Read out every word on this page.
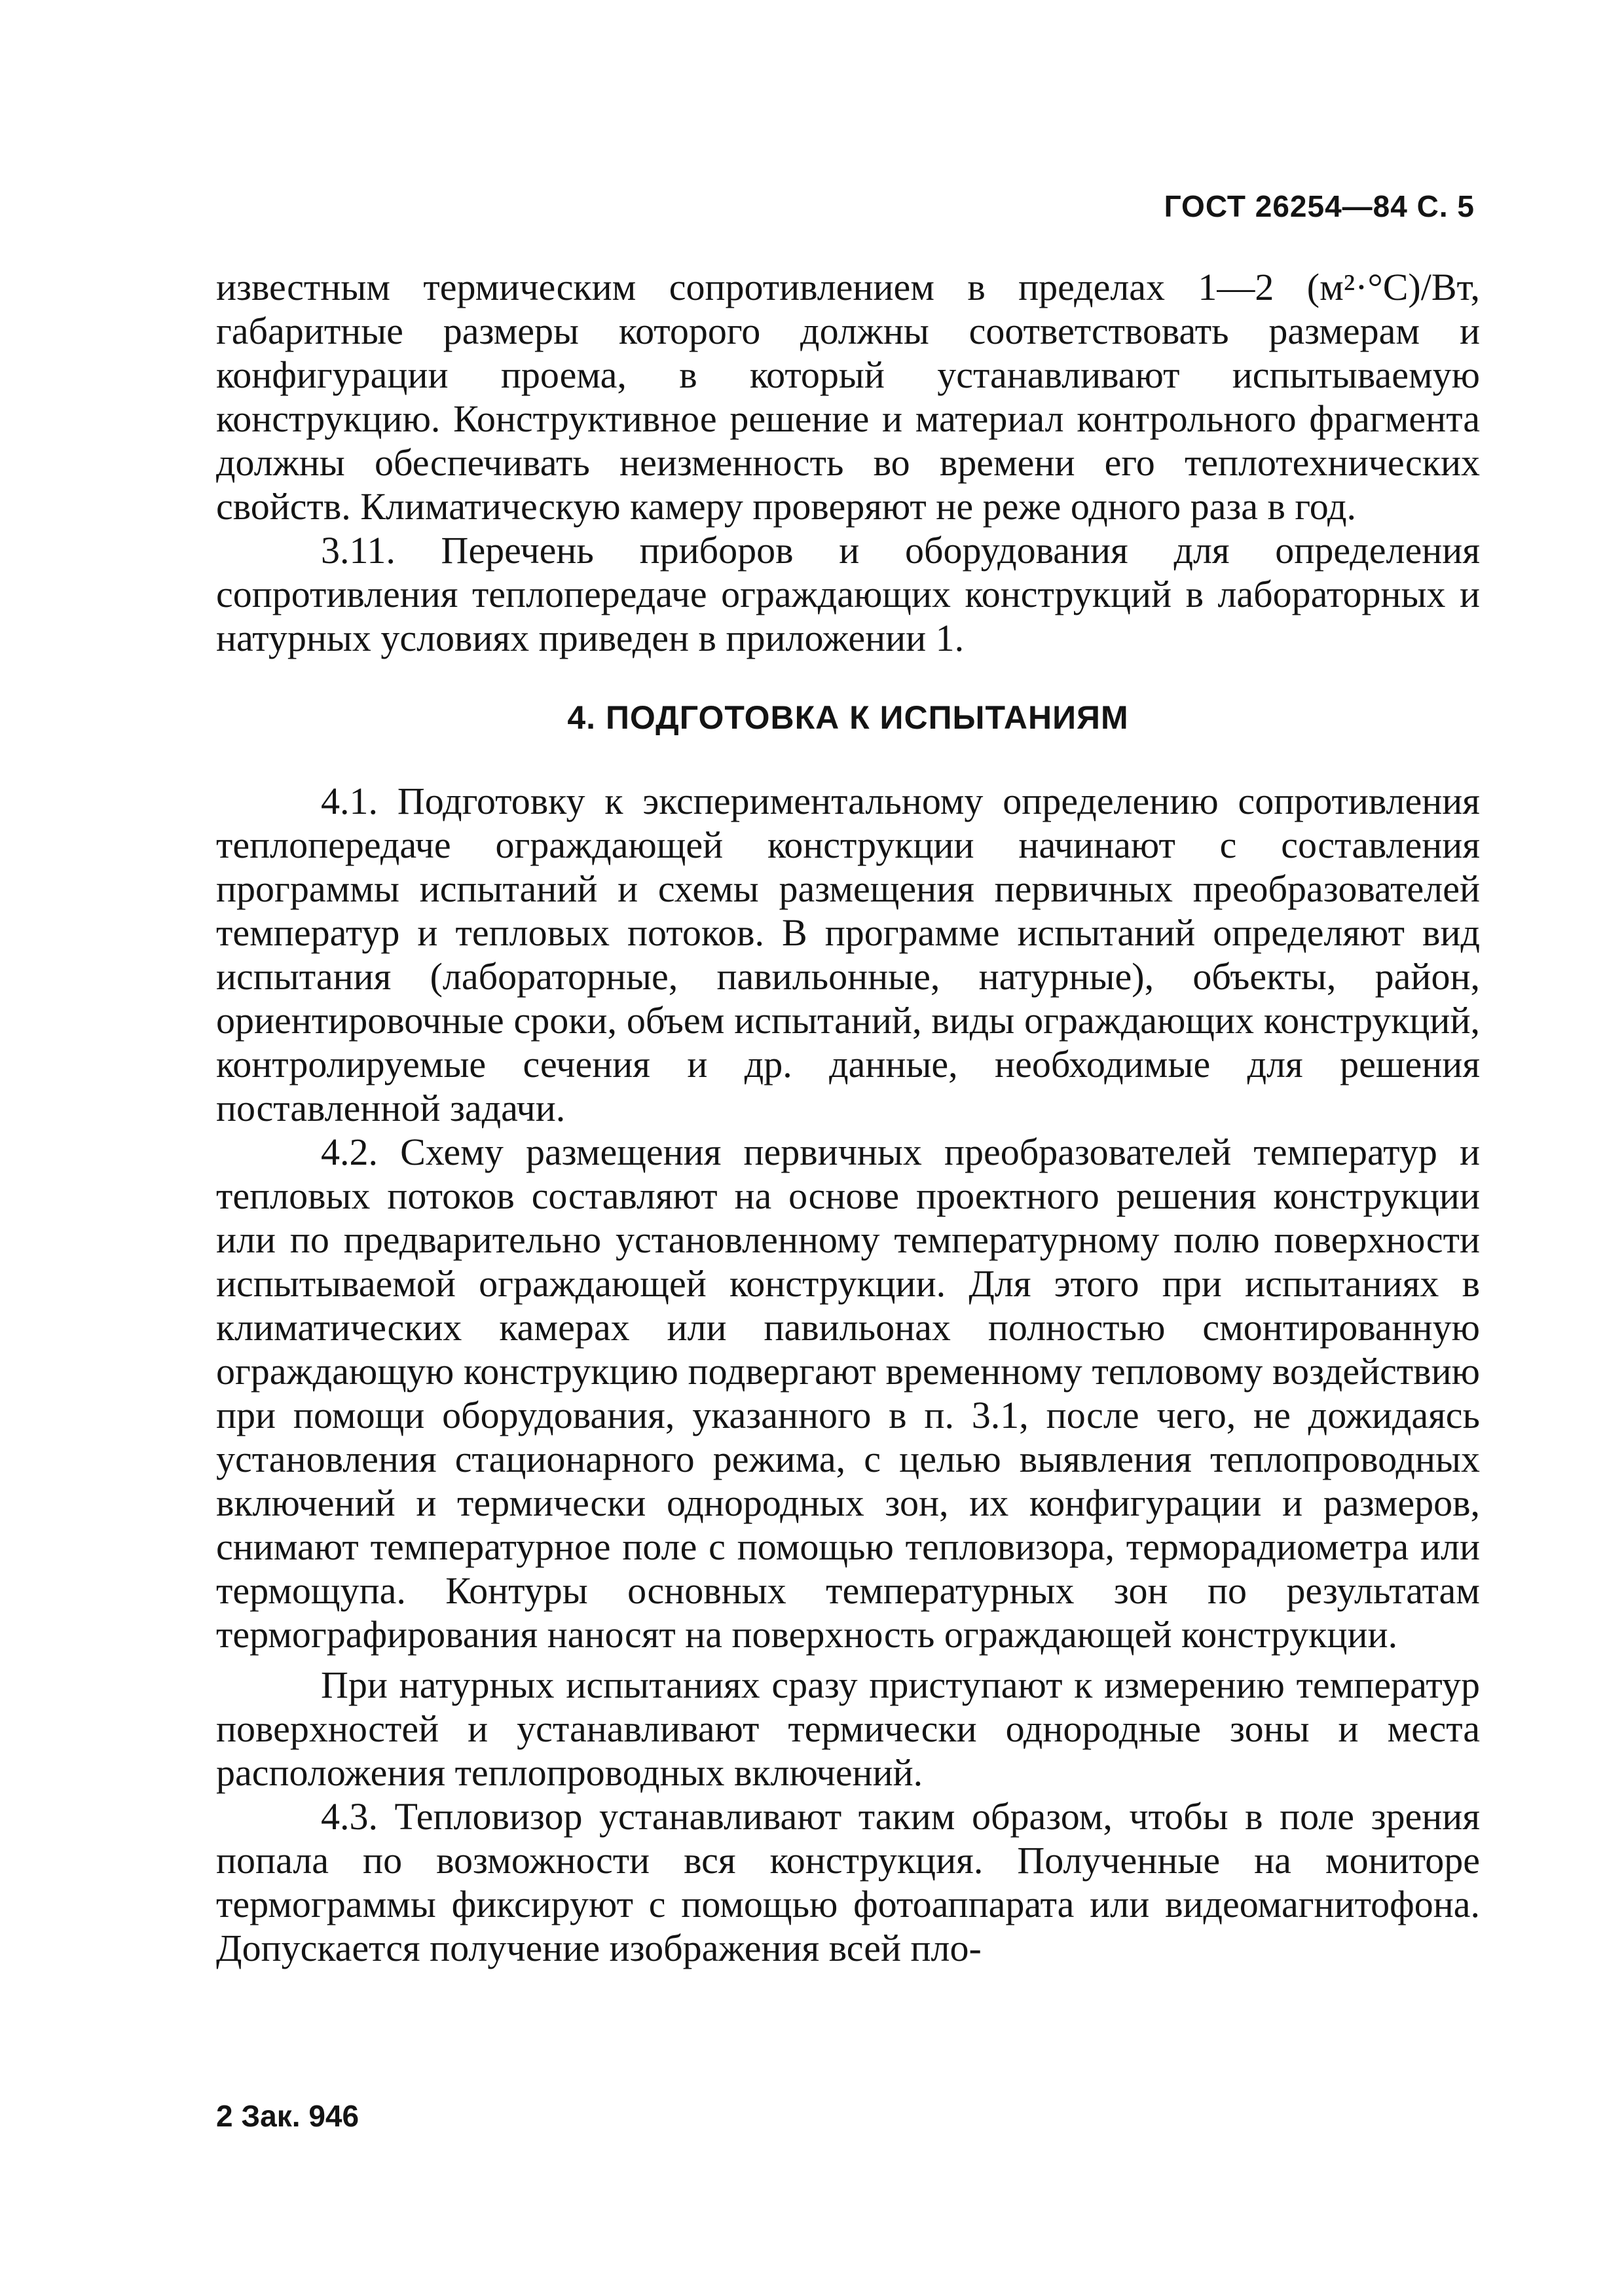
ГОСТ 26254—84 С. 5

известным термическим сопротивлением в пределах 1—2 (м²·°С)/Вт, габаритные размеры которого должны соответствовать размерам и конфигурации проема, в который устанавливают испытываемую конструкцию. Конструктивное решение и материал контрольного фрагмента должны обеспечивать неизменность во времени его теплотехнических свойств. Климатическую камеру проверяют не реже одного раза в год.

3.11. Перечень приборов и оборудования для определения сопротивления теплопередаче ограждающих конструкций в лабораторных и натурных условиях приведен в приложении 1.

4. ПОДГОТОВКА К ИСПЫТАНИЯМ

4.1. Подготовку к экспериментальному определению сопротивления теплопередаче ограждающей конструкции начинают с составления программы испытаний и схемы размещения первичных преобразователей температур и тепловых потоков. В программе испытаний определяют вид испытания (лабораторные, павильонные, натурные), объекты, район, ориентировочные сроки, объем испытаний, виды ограждающих конструкций, контролируемые сечения и др. данные, необходимые для решения поставленной задачи.

4.2. Схему размещения первичных преобразователей температур и тепловых потоков составляют на основе проектного решения конструкции или по предварительно установленному температурному полю поверхности испытываемой ограждающей конструкции. Для этого при испытаниях в климатических камерах или павильонах полностью смонтированную ограждающую конструкцию подвергают временному тепловому воздействию при помощи оборудования, указанного в п. 3.1, после чего, не дожидаясь установления стационарного режима, с целью выявления теплопроводных включений и термически однородных зон, их конфигурации и размеров, снимают температурное поле с помощью тепловизора, терморадиометра или термощупа. Контуры основных температурных зон по результатам термографирования наносят на поверхность ограждающей конструкции.

При натурных испытаниях сразу приступают к измерению температур поверхностей и устанавливают термически однородные зоны и места расположения теплопроводных включений.

4.3. Тепловизор устанавливают таким образом, чтобы в поле зрения попала по возможности вся конструкция. Полученные на мониторе термограммы фиксируют с помощью фотоаппарата или видеомагнитофона. Допускается получение изображения всей пло-

2 Зак. 946
